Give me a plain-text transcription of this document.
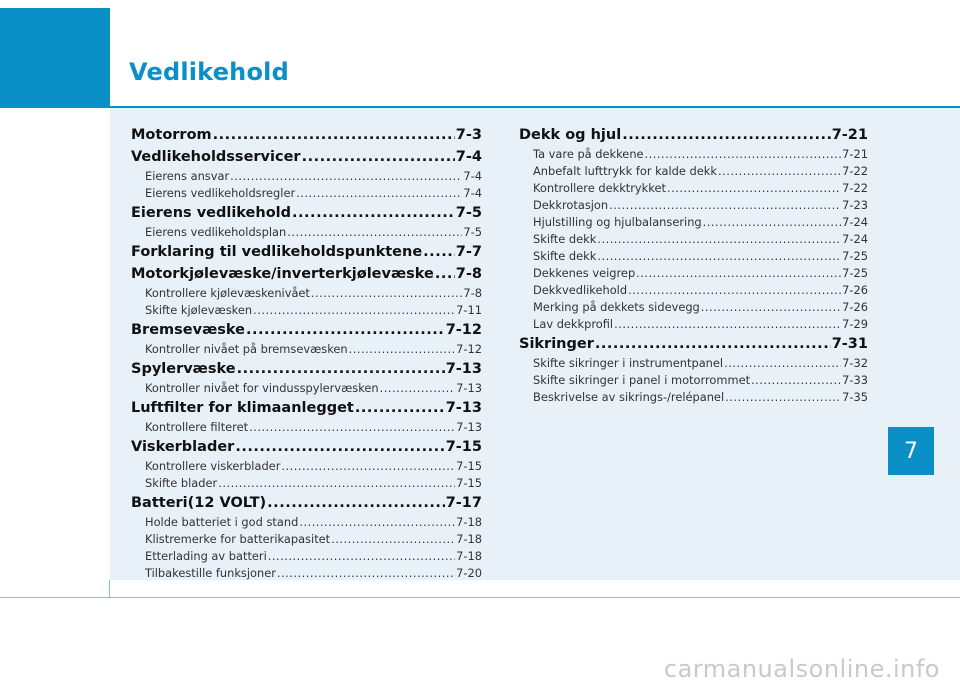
Vedlikehold
Motorrom .....	7-3
Vedlikeholdsservicer .....	7-4
Eierens ansvar .....	7-4
Eierens vedlikeholdsregler .....	7-4
Eierens vedlikehold .....	7-5
Eierens vedlikeholdsplan .....	7-5
Forklaring til vedlikeholdspunktene ..... 7-7
Motorkjølevæske/inverterkjølevæske ..... 7-8
Kontrollere kjølevæskenivået .....	7-8
Skifte kjølevæsken .....	7-11
Bremsevæske .....	7-12
Kontroller nivået på bremsevæsken .....	7-12
Spylervæske .....	7-13
Kontroller nivået for vindusspylervæsken .....	7-13
Luftfilter for klimaanlegget .....	7-13
Kontrollere filteret .....	7-13
Viskerblader .....	7-15
Kontrollere viskerblader .....	7-15
Skifte blader .....	7-15
Batteri(12 VOLT) .....	7-17
Holde batteriet i god stand .....	7-18
Klistremerke for batterikapasitet .....	7-18
Etterlading av batteri .....	7-18
Tilbakestille funksjoner .....	7-20
Dekk og hjul .....	7-21
Ta vare på dekkene .....	7-21
Anbefalt lufttrykk for kalde dekk .....	7-22
Kontrollere dekktrykket .....	7-22
Dekkrotasjon .....	7-23
Hjulstilling og hjulbalansering .....	7-24
Skifte dekk .....	7-24
Skifte dekk .....	7-25
Dekkenes veigrep .....	7-25
Dekkvedlikehold .....	7-26
Merking på dekkets sidevegg .....	7-26
Lav dekkprofil .....	7-29
Sikringer .....	7-31
Skifte sikringer i instrumentpanel .....	7-32
Skifte sikringer i panel i motorrommet .....	7-33
Beskrivelse av sikrings-/relépanel .....	7-35
7
carmanualsonline.info
